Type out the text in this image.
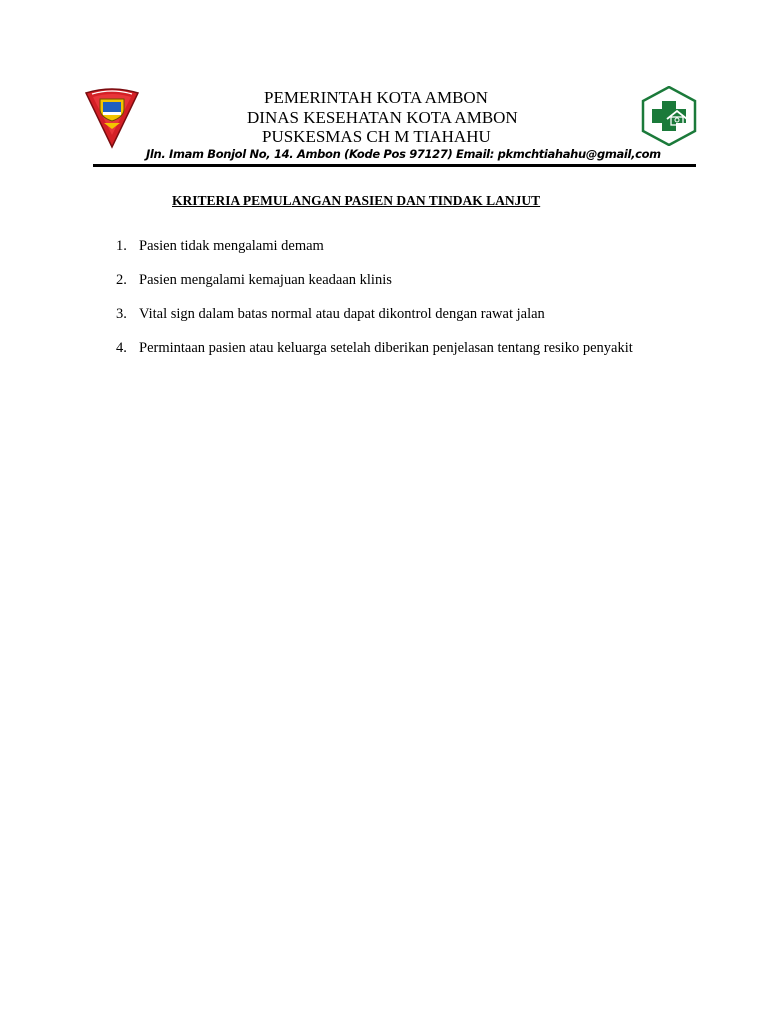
PEMERINTAH KOTA AMBON
DINAS KESEHATAN KOTA AMBON
PUSKESMAS CH M TIAHAHU
Jln. Imam Bonjol No, 14. Ambon (Kode Pos 97127) Email: pkmchtiahahu@gmail,com
KRITERIA PEMULANGAN PASIEN DAN TINDAK LANJUT
1. Pasien tidak mengalami demam
2. Pasien mengalami kemajuan keadaan klinis
3. Vital sign dalam batas normal atau dapat dikontrol dengan rawat jalan
4. Permintaan pasien atau keluarga setelah diberikan penjelasan tentang resiko penyakit
